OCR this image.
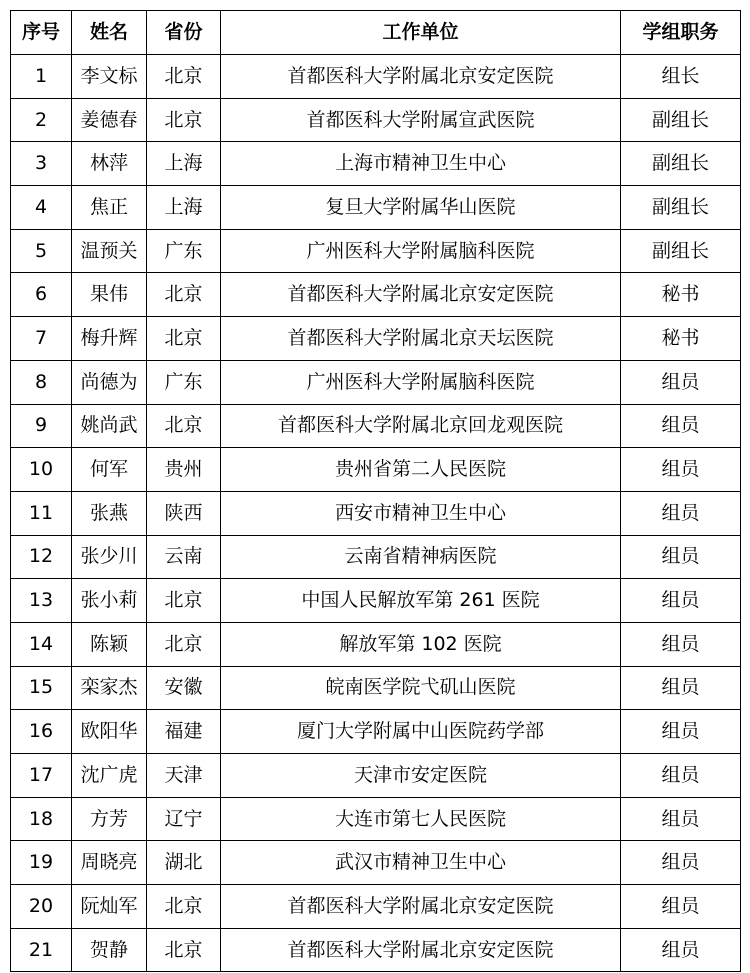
序号	姓名	省份	工作单位	学组职务
1	李文标	北京	首都医科大学附属北京安定医院	组长
2	姜德春	北京	首都医科大学附属宣武医院	副组长
3	林萍	上海	上海市精神卫生中心	副组长
4	焦正	上海	复旦大学附属华山医院	副组长
5	温预关	广东	广州医科大学附属脑科医院	副组长
6	果伟	北京	首都医科大学附属北京安定医院	秘书
7	梅升辉	北京	首都医科大学附属北京天坛医院	秘书
8	尚德为	广东	广州医科大学附属脑科医院	组员
9	姚尚武	北京	首都医科大学附属北京回龙观医院	组员
10	何军	贵州	贵州省第二人民医院	组员
11	张燕	陕西	西安市精神卫生中心	组员
12	张少川	云南	云南省精神病医院	组员
13	张小莉	北京	中国人民解放军第 261 医院	组员
14	陈颖	北京	解放军第 102 医院	组员
15	栾家杰	安徽	皖南医学院弋矶山医院	组员
16	欧阳华	福建	厦门大学附属中山医院药学部	组员
17	沈广虎	天津	天津市安定医院	组员
18	方芳	辽宁	大连市第七人民医院	组员
19	周晓亮	湖北	武汉市精神卫生中心	组员
20	阮灿军	北京	首都医科大学附属北京安定医院	组员
21	贺静	北京	首都医科大学附属北京安定医院	组员
